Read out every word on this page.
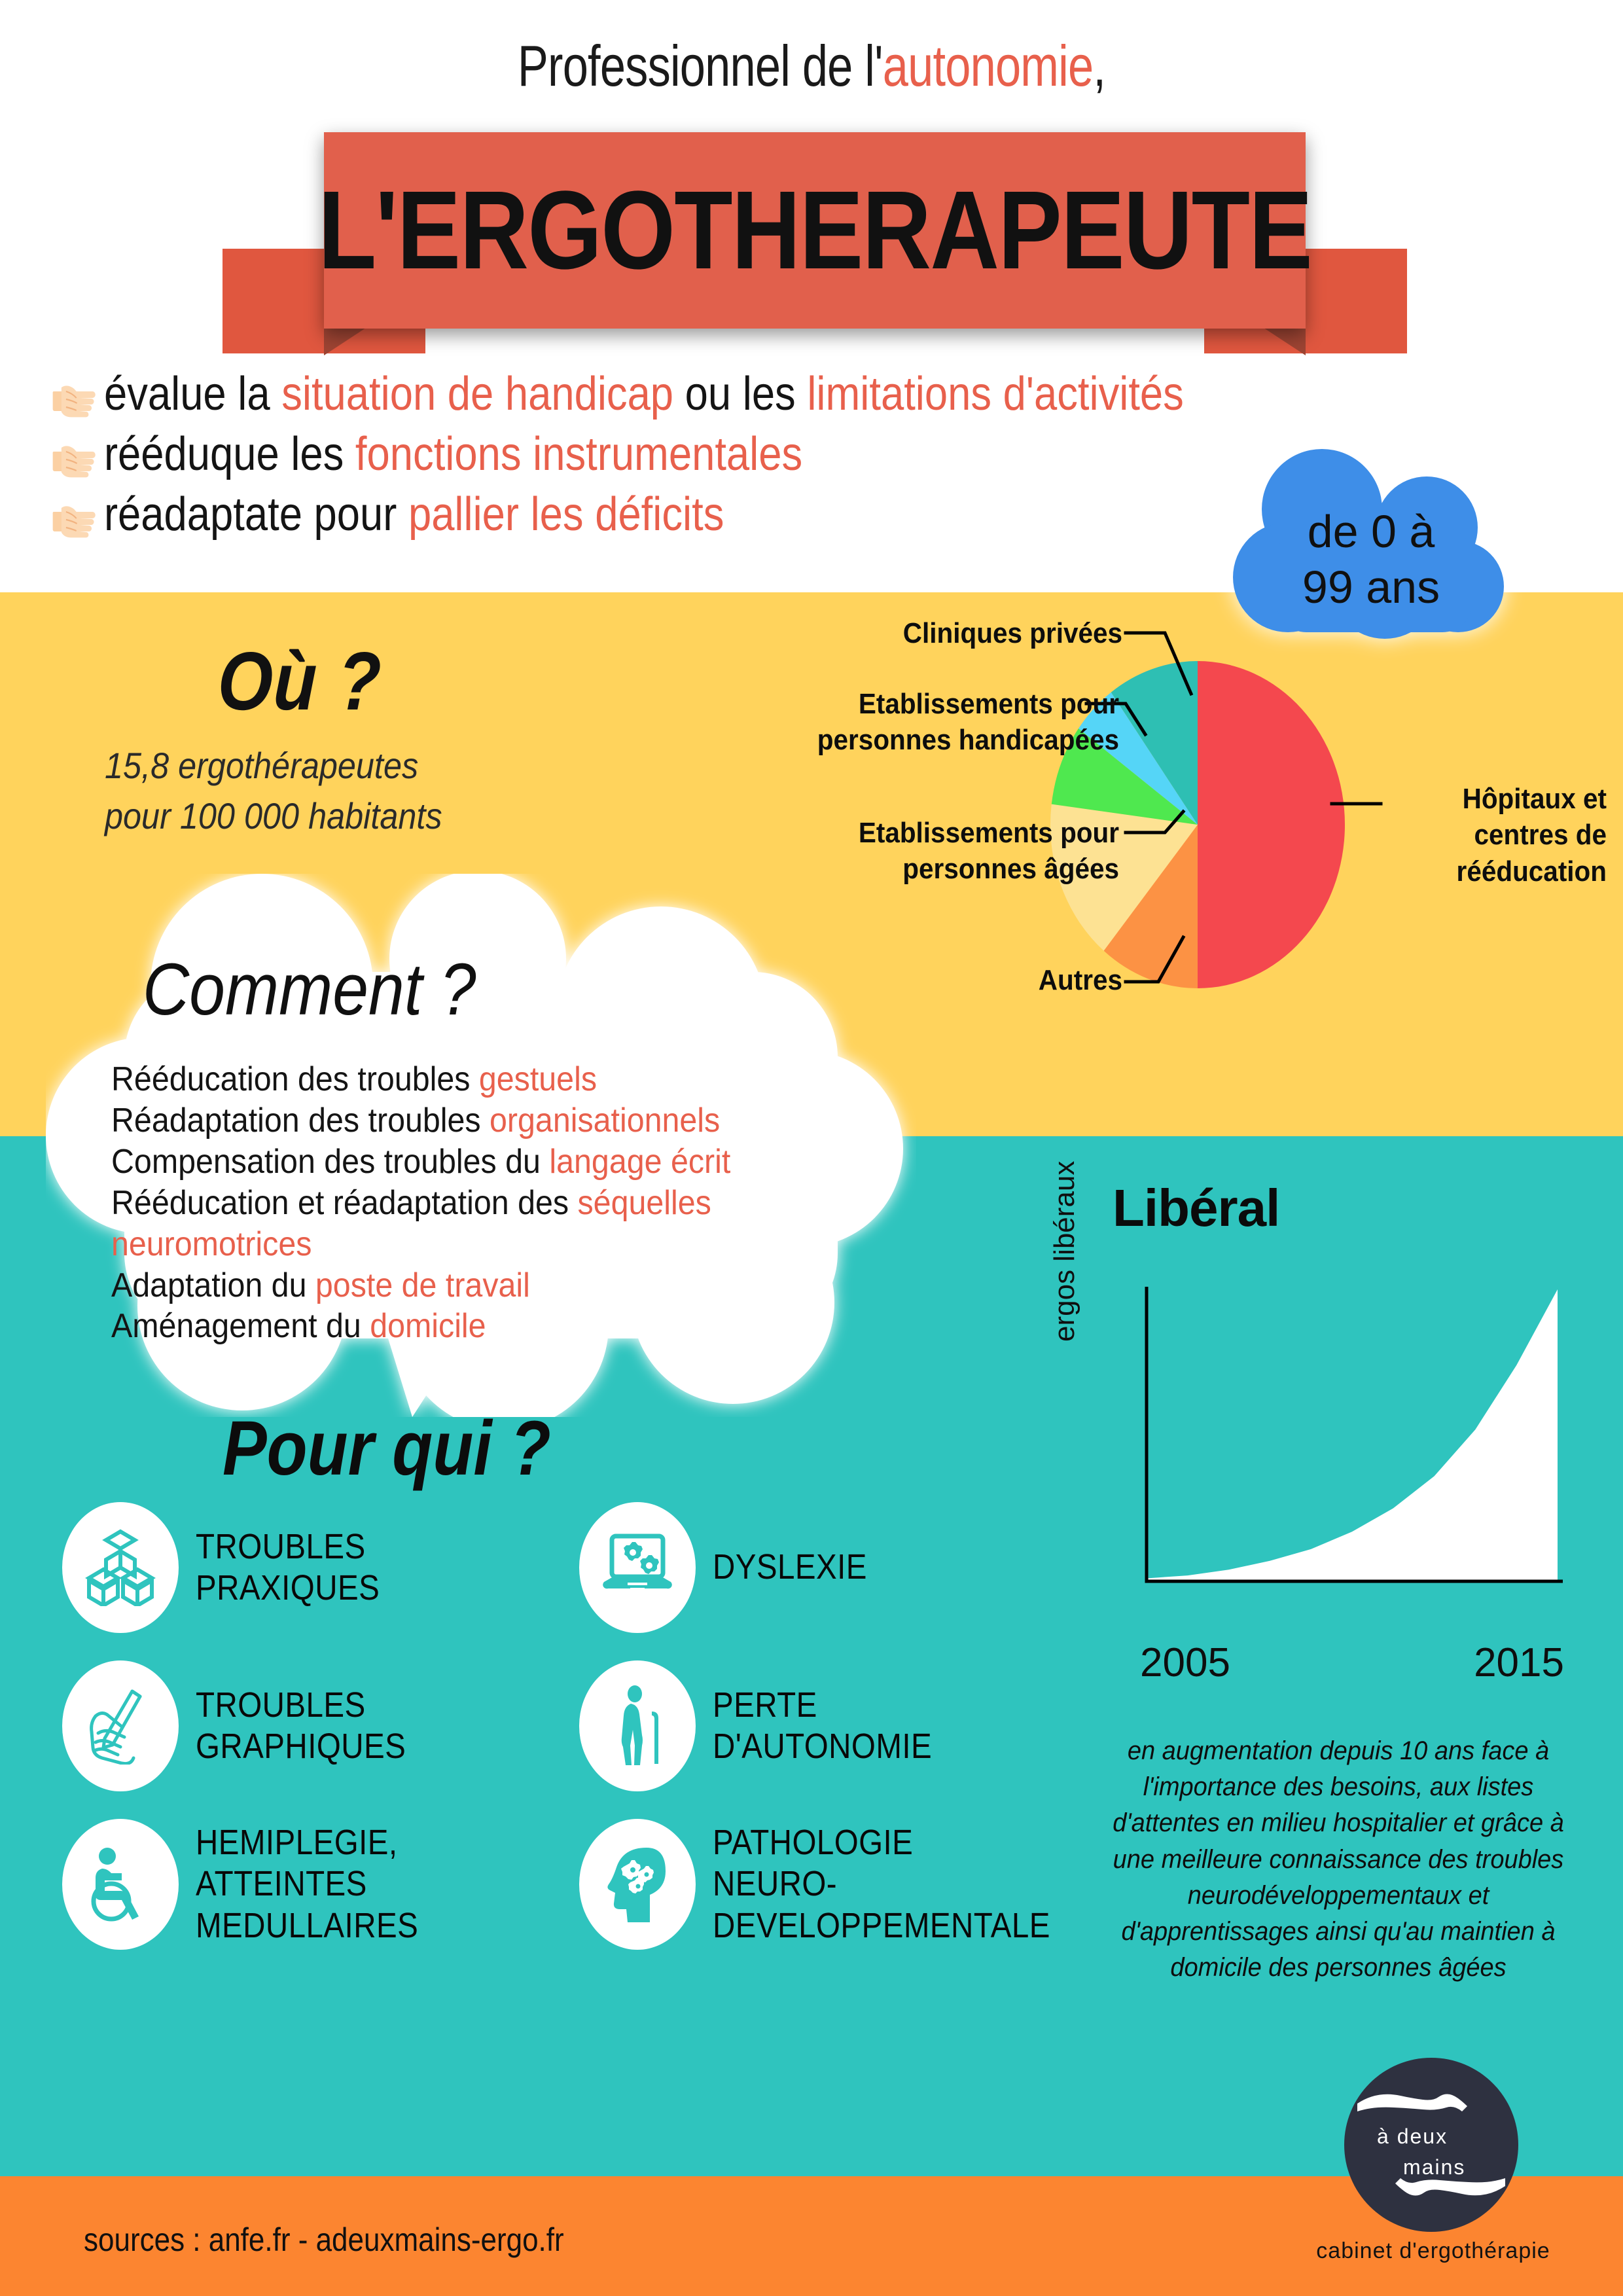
Professionnel de l'autonomie,
L'ERGOTHERAPEUTE
évalue la situation de handicap ou les limitations d'activités
rééduque les fonctions instrumentales
réadaptate pour pallier les déficits	de 0 à
99 ans
Où ?
15,8 ergothérapeutes
pour 100 000 habitants
Cliniques privées
Etablissements pour personnes handicapées
Etablissements pour personnes âgées
Autres
Hôpitaux et centres de rééducation
Comment ?
Rééducation des troubles gestuels
Réadaptation des troubles organisationnels
Compensation des troubles du langage écrit
Rééducation et réadaptation des séquelles neuromotrices
Adaptation du poste de travail
Aménagement du domicile
Pour qui ?
TROUBLES
PRAXIQUES
DYSLEXIE
TROUBLES
GRAPHIQUES
PERTE
D'AUTONOMIE
HEMIPLEGIE,
ATTEINTES
MEDULLAIRES
PATHOLOGIE
NEURO-
DEVELOPPEMENTALE
Libéral
ergos libéraux
2005	2015
en augmentation depuis 10 ans face à l'importance des besoins, aux listes d'attentes en milieu hospitalier et grâce à une meilleure connaissance des troubles neurodéveloppementaux et d'apprentissages ainsi qu'au maintien à domicile des personnes âgées
sources : anfe.fr - adeuxmains-ergo.fr
à deux
mains
cabinet d'ergothérapie
